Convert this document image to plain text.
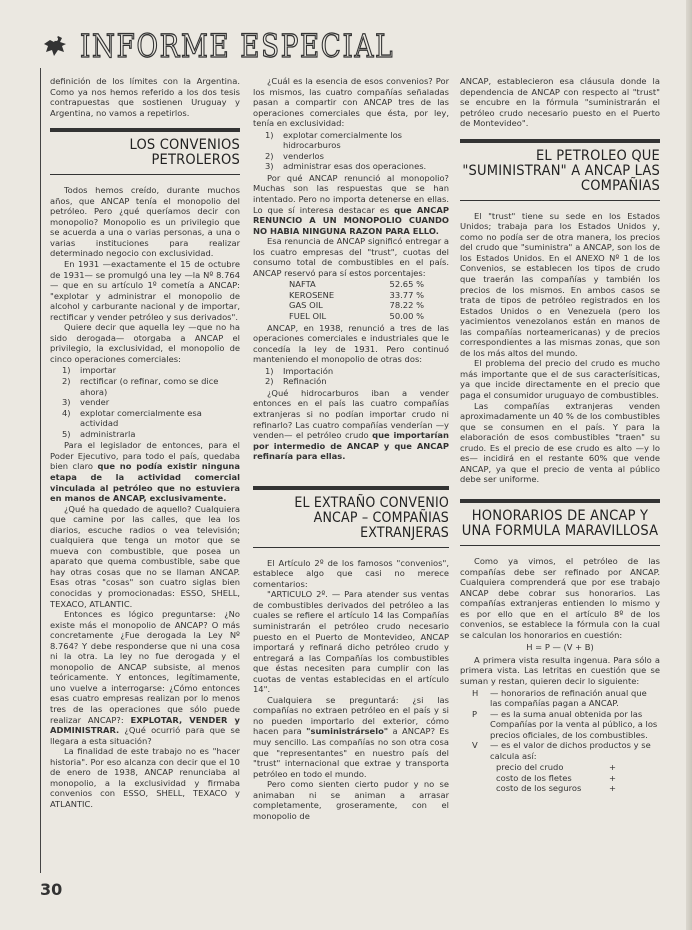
INFORME ESPECIAL

definición de los límites con la Argentina. Como ya nos hemos referido a los dos tesis contrapuestas que sostienen Uruguay y Argentina, no vamos a repetirlos.

LOS CONVENIOS PETROLEROS

Todos hemos creído, durante muchos años, que ANCAP tenía el monopolio del petróleo. Pero ¿qué queríamos decir con monopolio? Monopolio es un privilegio que se acuerda a una o varias personas, a una o varias instituciones para realizar determinado negocio con exclusividad.

En 1931 —exactamente el 15 de octubre de 1931— se promulgó una ley —la Nº 8.764— que en su artículo 1º cometía a ANCAP: "explotar y administrar el monopolio de alcohol y carburante nacional y de importar, rectificar y vender petróleo y sus derivados".

Quiere decir que aquella ley —que no ha sido derogada— otorgaba a ANCAP el privilegio, la exclusividad, el monopolio de cinco operaciones comerciales:

1)	importar
2)	rectificar (o refinar, como se dice ahora)
3)	vender
4)	explotar comercialmente esa actividad
5)	administrarla

Para el legislador de entonces, para el Poder Ejecutivo, para todo el país, quedaba bien claro que no podía existir ninguna etapa de la actividad comercial vinculada al petróleo que no estuviera en manos de ANCAP, exclusivamente.

¿Qué ha quedado de aquello? Cualquiera que camine por las calles, que lea los diarios, escuche radios o vea televisión; cualquiera que tenga un motor que se mueva con combustible, que posea un aparato que quema combustible, sabe que hay otras cosas que no se llaman ANCAP. Esas otras "cosas" son cuatro siglas bien conocidas y promocionadas: ESSO, SHELL, TEXACO, ATLANTIC.

Entonces es lógico preguntarse: ¿No existe más el monopolio de ANCAP? O más concretamente ¿Fue derogada la Ley Nº 8.764? Y debe responderse que ni una cosa ni la otra. La ley no fue derogada y el monopolio de ANCAP subsiste, al menos teóricamente. Y entonces, legítimamente, uno vuelve a interrogarse: ¿Cómo entonces esas cuatro empresas realizan por lo menos tres de las operaciones que sólo puede realizar ANCAP?: EXPLOTAR, VENDER y ADMINISTRAR. ¿Qué ocurrió para que se llegara a esta situación?

La finalidad de este trabajo no es "hacer historia". Por eso alcanza con decir que el 10 de enero de 1938, ANCAP renunciaba al monopolio, a la exclusividad y firmaba convenios con ESSO, SHELL, TEXACO y ATLANTIC.

¿Cuál es la esencia de esos convenios? Por los mismos, las cuatro compañías señaladas pasan a compartir con ANCAP tres de las operaciones comerciales que ésta, por ley, tenía en exclusividad:

1)	explotar comercialmente los hidrocarburos
2)	venderlos
3)	administrar esas dos operaciones.

Por qué ANCAP renunció al monopolio? Muchas son las respuestas que se han intentado. Pero no importa detenerse en ellas. Lo que sí interesa destacar es que ANCAP RENUNCIO A UN MONOPOLIO CUANDO NO HABIA NINGUNA RAZON PARA ELLO.

Esa renuncia de ANCAP significó entregar a los cuatro empresas del "trust", cuotas del consumo total de combustibles en el país. ANCAP reservó para sí estos porcentajes:

NAFTA	52.65 %
KEROSENE	33.77 %
GAS OIL	78.22 %
FUEL OIL	50.00 %

ANCAP, en 1938, renunció a tres de las operaciones comerciales e industriales que le concedía la ley de 1931. Pero continuó manteniendo el monopolio de otras dos:

1)	Importación
2)	Refinación

¿Qué hidrocarburos iban a vender entonces en el país las cuatro compañías extranjeras si no podían importar crudo ni refinarlo? Las cuatro compañías venderían —y venden— el petróleo crudo que importarían por intermedio de ANCAP y que ANCAP refinaría para ellas.

EL EXTRAÑO CONVENIO ANCAP – COMPAÑIAS EXTRANJERAS

El Artículo 2º de los famosos "convenios", establece algo que casi no merece comentarios:

"ARTICULO 2º. — Para atender sus ventas de combustibles derivados del petróleo a las cuales se refiere el artículo 14 las Compañías suministrarán el petróleo crudo necesario puesto en el Puerto de Montevideo, ANCAP importará y refinará dicho petróleo crudo y entregará a las Compañías los combustibles que éstas necesiten para cumplir con las cuotas de ventas establecidas en el artículo 14".

Cualquiera se preguntará: ¿si las compañías no extraen petróleo en el país y si no pueden importarlo del exterior, cómo hacen para "suministrárselo" a ANCAP? Es muy sencillo. Las compañías no son otra cosa que "representantes" en nuestro país del "trust" internacional que extrae y transporta petróleo en todo el mundo.

Pero como sienten cierto pudor y no se animaban ni se animan a arrasar completamente, groseramente, con el monopolio de

ANCAP, establecieron esa cláusula donde la dependencia de ANCAP con respecto al "trust" se encubre en la fórmula "suministrarán el petróleo crudo necesario puesto en el Puerto de Montevideo".

EL PETROLEO QUE "SUMINISTRAN" A ANCAP LAS COMPAÑIAS

El "trust" tiene su sede en los Estados Unidos; trabaja para los Estados Unidos y, como no podía ser de otra manera, los precios del crudo que "suministra" a ANCAP, son los de los Estados Unidos. En el ANEXO Nº 1 de los Convenios, se establecen los tipos de crudo que traerán las compañías y también los precios de los mismos. En ambos casos se trata de tipos de petróleo registrados en los Estados Unidos o en Venezuela (pero los yacimientos venezolanos están en manos de las compañías norteamericanas) y de precios correspondientes a las mismas zonas, que son de los más altos del mundo.

El problema del precio del crudo es mucho más importante que el de sus caracterísiticas, ya que incide directamente en el precio que paga el consumidor uruguayo de combustibles.

Las compañías extranjeras venden aproximadamente un 40 % de los combustibles que se consumen en el país. Y para la elaboración de esos combustibles "traen" su crudo. Es el precio de ese crudo es alto —y lo es— incidirá en el restante 60% que vende ANCAP, ya que el precio de venta al público debe ser uniforme.

HONORARIOS DE ANCAP Y UNA FORMULA MARAVILLOSA

Como ya vimos, el petróleo de las compañías debe ser refinado por ANCAP. Cualquiera comprenderá que por ese trabajo ANCAP debe cobrar sus honorarios. Las compañías extranjeras entienden lo mismo y es por ello que en el artículo 8º de los convenios, se establece la fórmula con la cual se calculan los honorarios en cuestión:

H = P — (V + B)

A primera vista resulta ingenua. Para sólo a primera vista. Las letritas en cuestión que se suman y restan, quieren decir lo siguiente:

H	— honorarios de refinación anual que las compañías pagan a ANCAP.
P	— es la suma anual obtenida por las Compañías por la venta al público, a los precios oficiales, de los combustibles.
V	— es el valor de dichos productos y se calcula así:
precio del crudo	+
costo de los fletes	+
costo de los seguros	+
30
